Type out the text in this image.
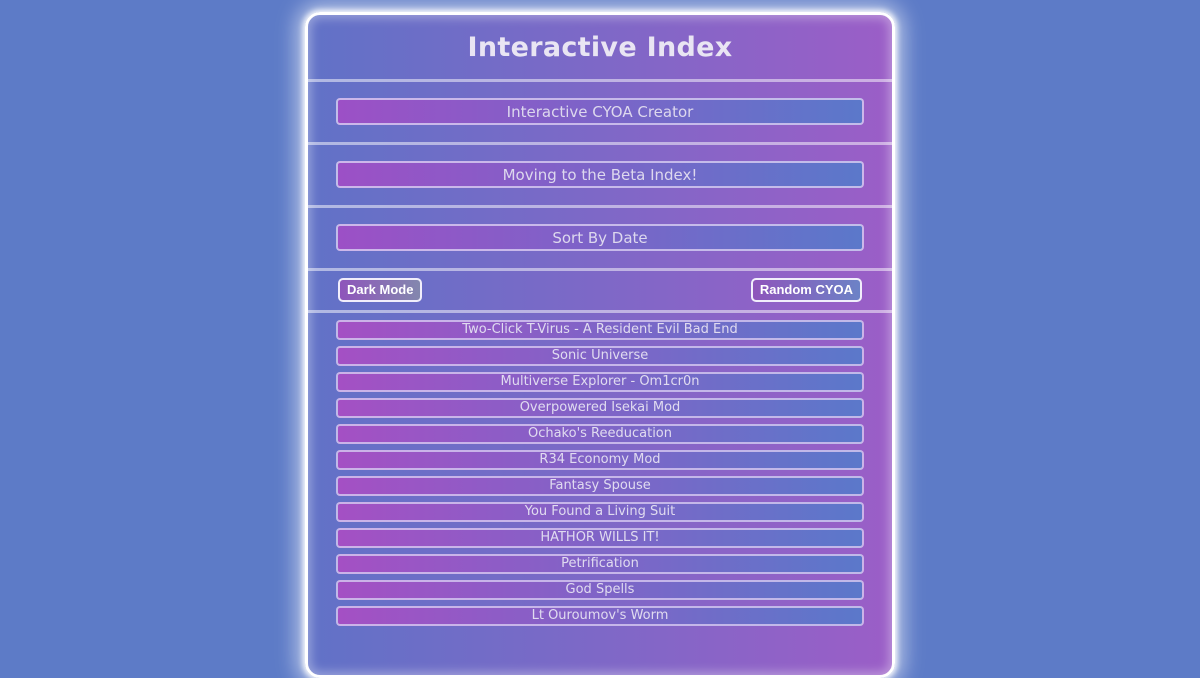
Interactive Index
Interactive CYOA Creator
Moving to the Beta Index!
Sort By Date
Dark Mode	Random CYOA
Two-Click T-Virus - A Resident Evil Bad End
Sonic Universe
Multiverse Explorer - Om1cr0n
Overpowered Isekai Mod
Ochako's Reeducation
R34 Economy Mod
Fantasy Spouse
You Found a Living Suit
HATHOR WILLS IT!
Petrification
God Spells
Lt Ouroumov's Worm
